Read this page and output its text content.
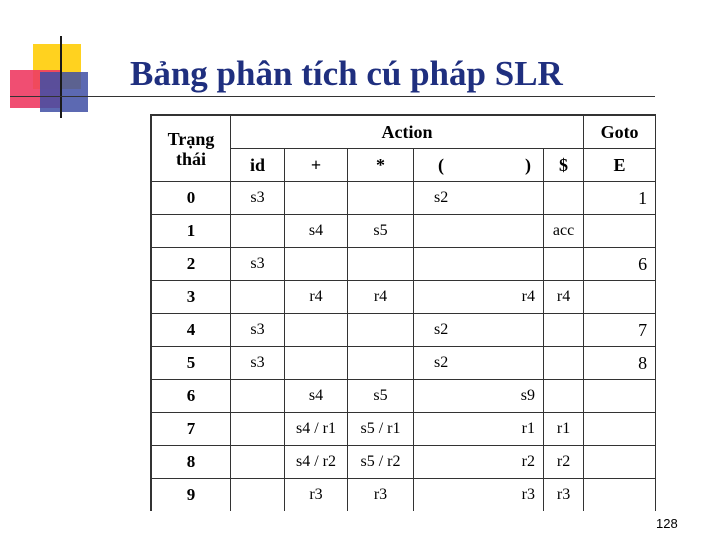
Bảng phân tích cú pháp SLR
Trạng
thái	Action						Goto
	id	+	*	(	)	$	E
0	s3			s2			1
1		s4	s5			acc	
2	s3						6
3		r4	r4		r4	r4	
4	s3			s2			7
5	s3			s2			8
6		s4	s5		s9		
7		s4 / r1	s5 / r1		r1	r1	
8		s4 / r2	s5 / r2		r2	r2	
9		r3	r3		r3	r3	
128
